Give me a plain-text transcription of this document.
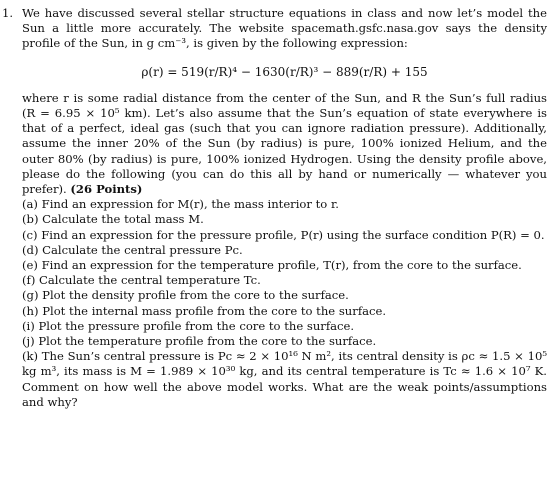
1. We have discussed several stellar structure equations in class and now let’s model the Sun a little more accurately. The website spacemath.gsfc.nasa.gov says the density profile of the Sun, in g cm⁻³, is given by the following expression:

ρ(r) = 519(r/R)⁴ − 1630(r/R)³ − 889(r/R) + 155

where r is some radial distance from the center of the Sun, and R the Sun’s full radius (R = 6.95 × 10⁵ km). Let’s also assume that the Sun’s equation of state everywhere is that of a perfect, ideal gas (such that you can ignore radiation pressure). Additionally, assume the inner 20% of the Sun (by radius) is pure, 100% ionized Helium, and the outer 80% (by radius) is pure, 100% ionized Hydrogen. Using the density profile above, please do the following (you can do this all by hand or numerically — whatever you prefer). (26 Points)

(a) Find an expression for M(r), the mass interior to r.
(b) Calculate the total mass M.
(c) Find an expression for the pressure profile, P(r) using the surface condition P(R) = 0.
(d) Calculate the central pressure Pc.
(e) Find an expression for the temperature profile, T(r), from the core to the surface.
(f) Calculate the central temperature Tc.
(g) Plot the density profile from the core to the surface.
(h) Plot the internal mass profile from the core to the surface.
(i) Plot the pressure profile from the core to the surface.
(j) Plot the temperature profile from the core to the surface.
(k) The Sun’s central pressure is Pc ≈ 2 × 10¹⁶ N m², its central density is ρc ≈ 1.5 × 10⁵ kg m³, its mass is M = 1.989 × 10³⁰ kg, and its central temperature is Tc ≈ 1.6 × 10⁷ K. Comment on how well the above model works. What are the weak points/assumptions and why?
